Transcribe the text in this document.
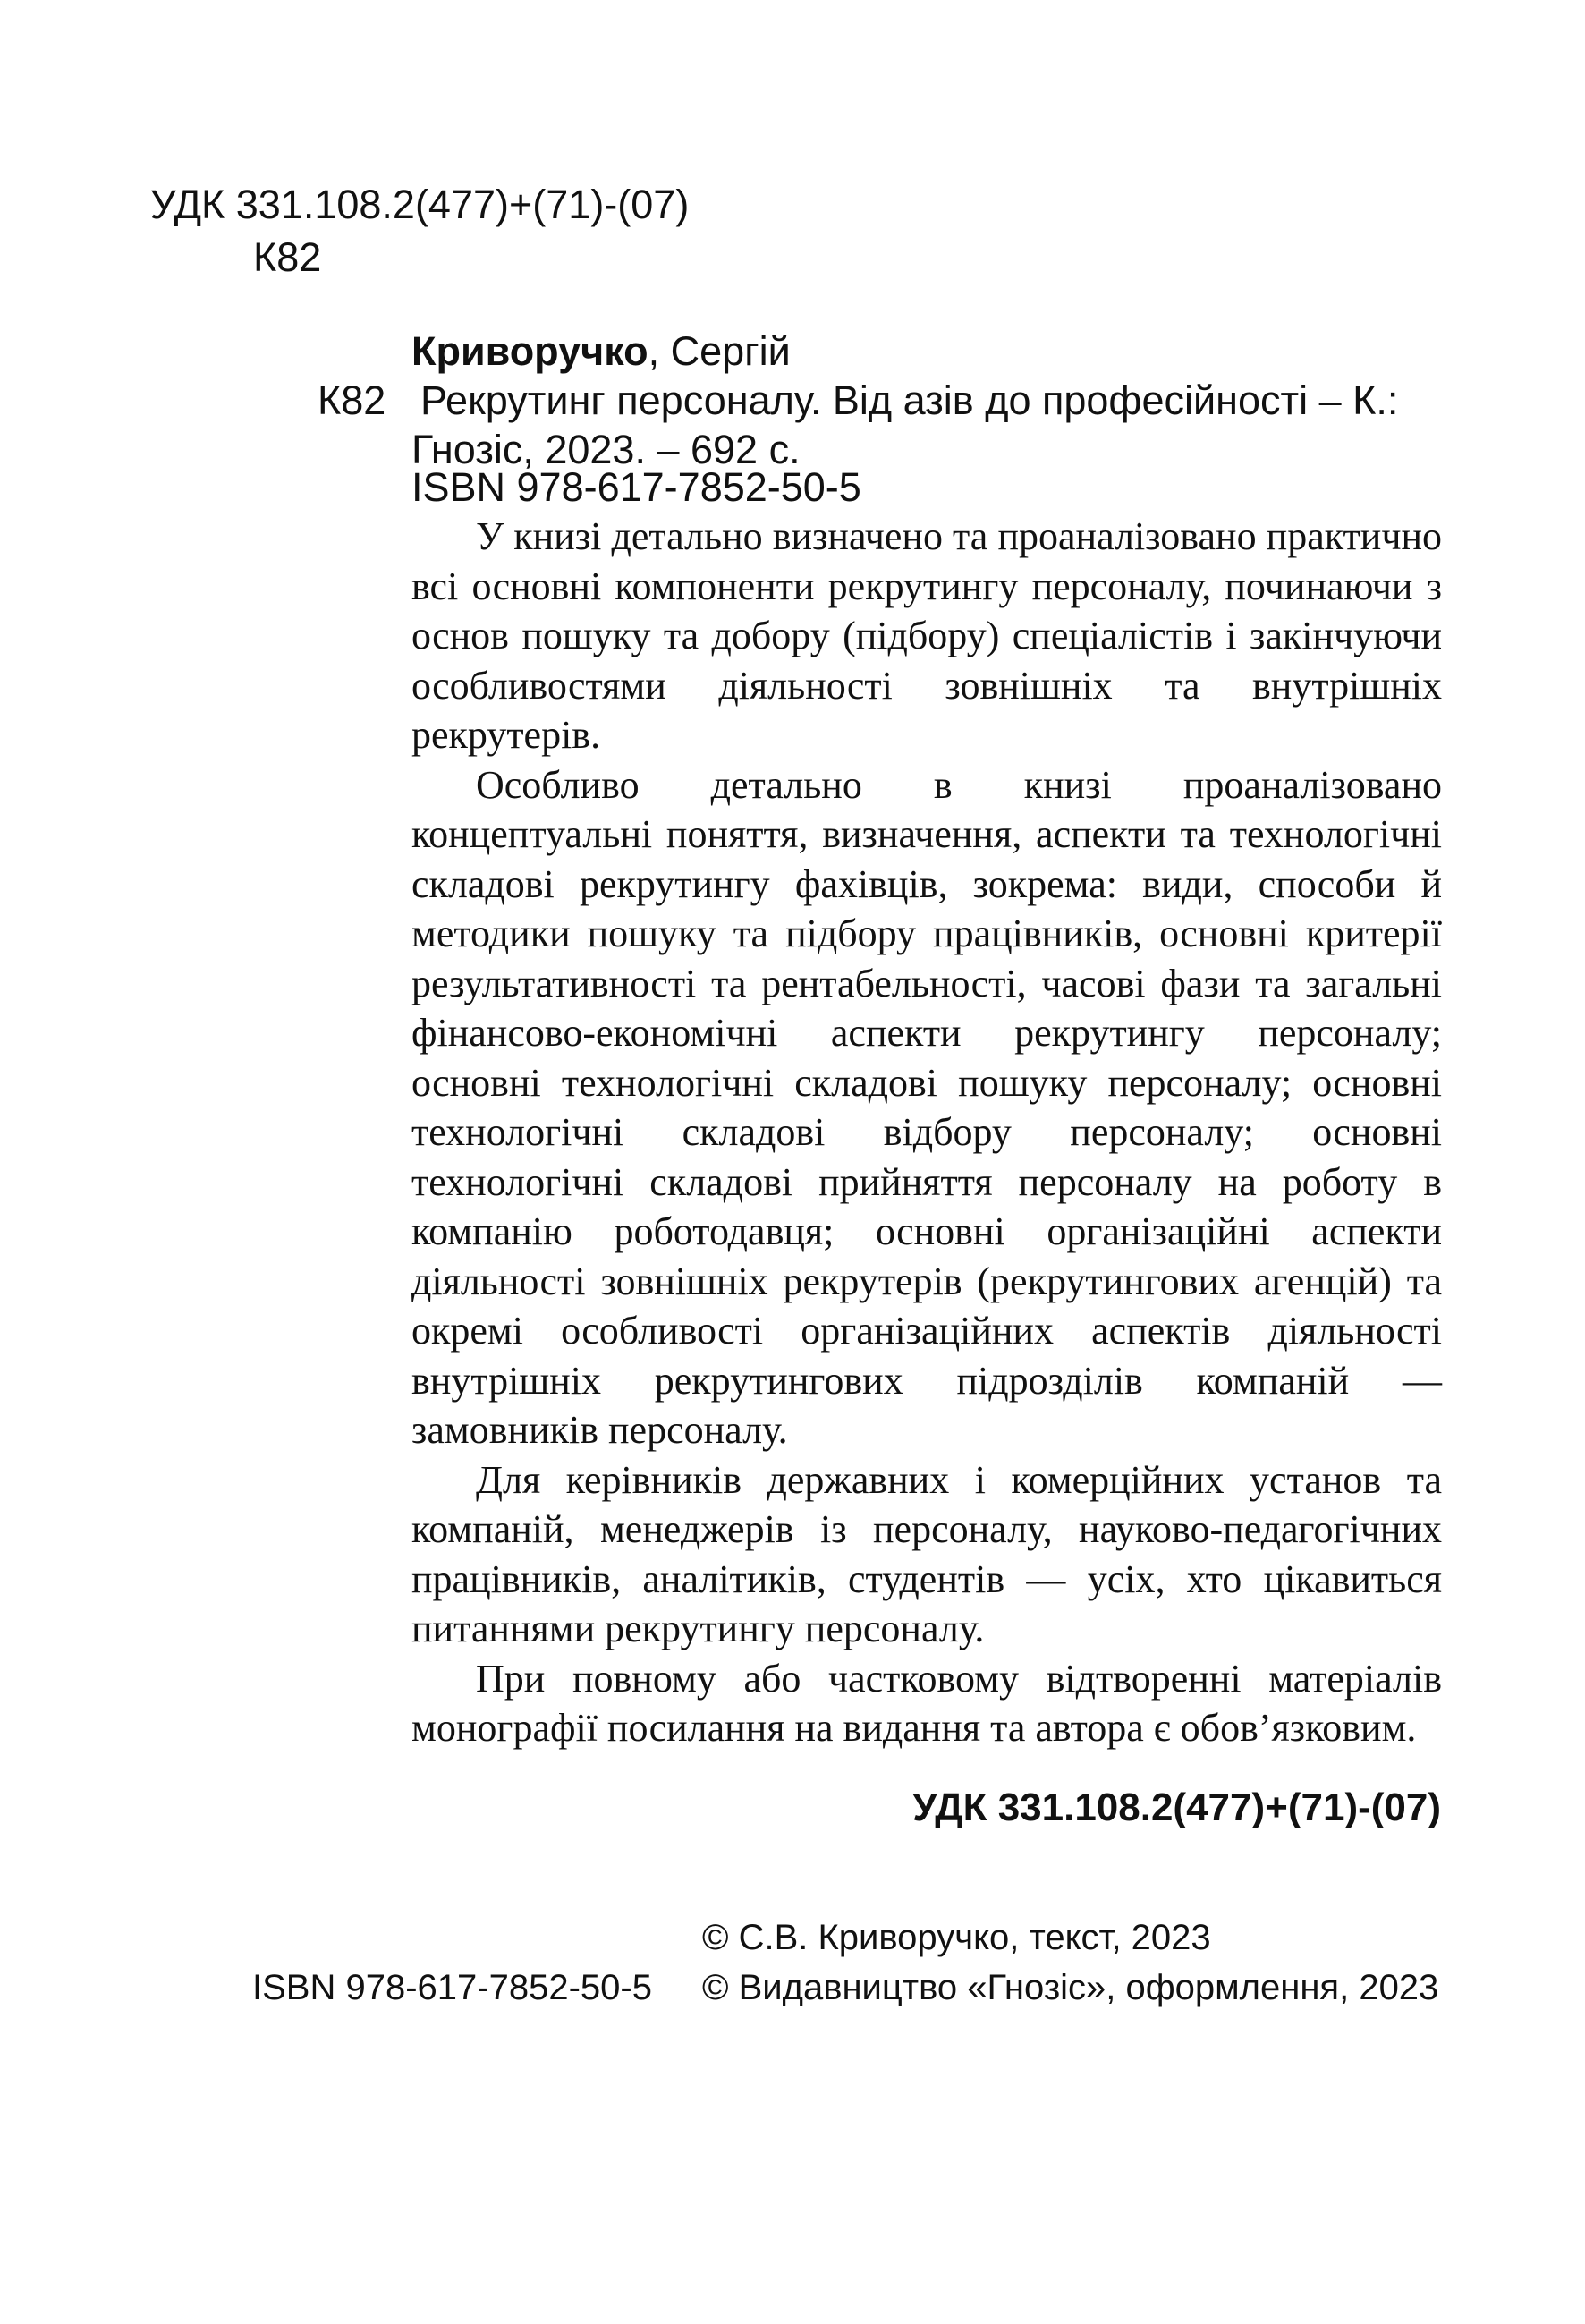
УДК 331.108.2(477)+(71)-(07)
К82
Криворучко, Сергій
К82 Рекрутинг персоналу. Від азів до професійності – К.:
Гнозіс, 2023. – 692 с.
ISBN 978-617-7852-50-5

У книзі детально визначено та проаналізовано практично всі основні компоненти рекрутингу персоналу, починаючи з основ пошуку та добору (підбору) спеціалістів і закінчуючи особливостями діяльності зовнішніх та внутрішніх рекрутерів.

Особливо детально в книзі проаналізовано концептуальні поняття, визначення, аспекти та технологічні складові рекрутингу фахівців, зокрема: види, способи й методики пошуку та підбору працівників, основні критерії результативності та рентабельності, часові фази та загальні фінансово-економічні аспекти рекрутингу персоналу; основні технологічні складові пошуку персоналу; основні технологічні складові відбору персоналу; основні технологічні складові прийняття персоналу на роботу в компанію роботодавця; основні організаційні аспекти діяльності зовнішніх рекрутерів (рекрутингових агенцій) та окремі особливості організаційних аспектів діяльності внутрішніх рекрутингових підрозділів компаній — замовників персоналу.

Для керівників державних і комерційних установ та компаній, менеджерів із персоналу, науково-педагогічних працівників, аналітиків, студентів — усіх, хто цікавиться питаннями рекрутингу персоналу.

При повному або частковому відтворенні матеріалів монографії посилання на видання та автора є обов’язковим.

УДК 331.108.2(477)+(71)-(07)
© С.В. Криворучко, текст, 2023
ISBN 978-617-7852-50-5 © Видавництво «Гнозіс», оформлення, 2023
